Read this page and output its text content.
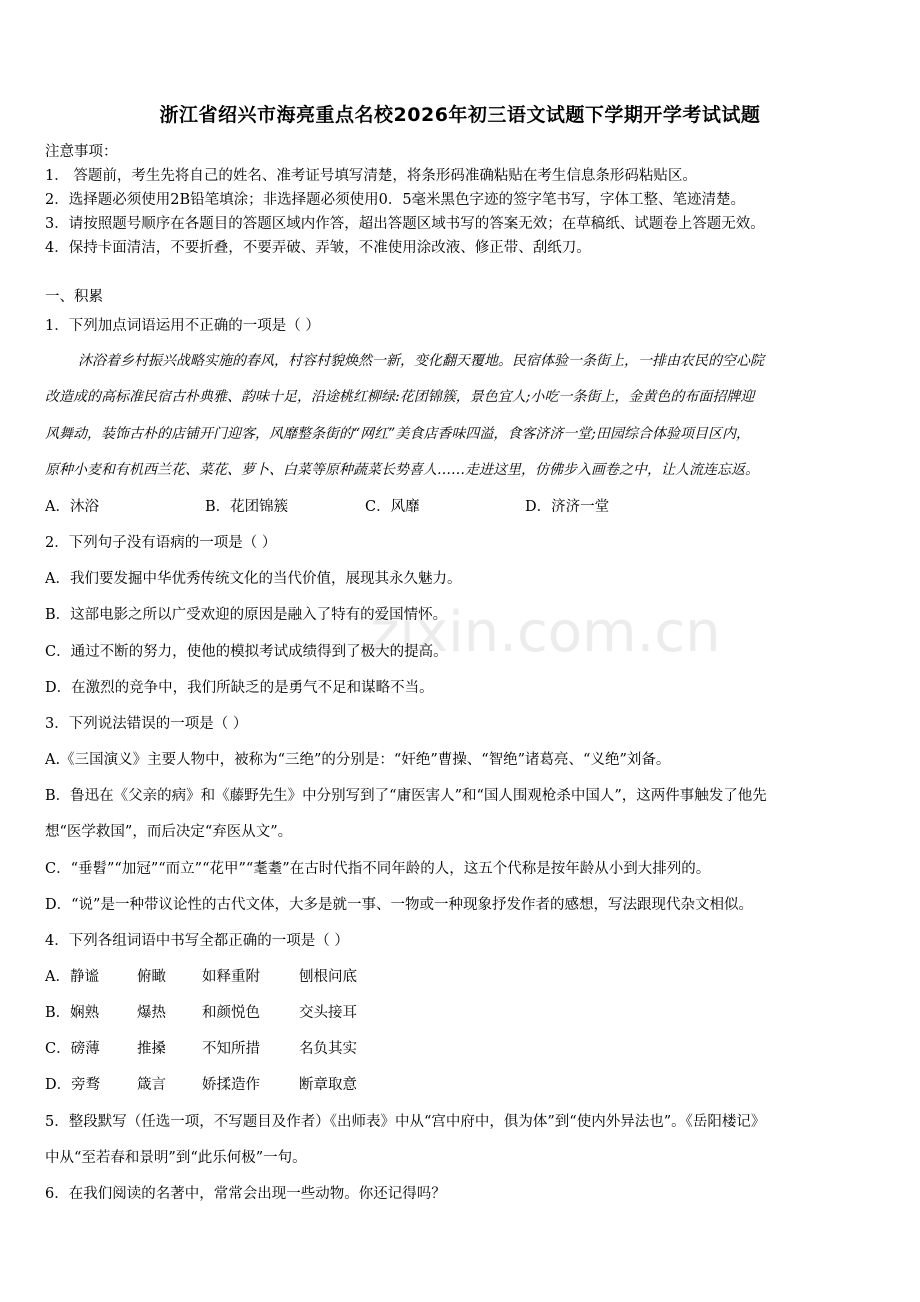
zixin.com.cn
浙江省绍兴市海亮重点名校2026年初三语文试题下学期开学考试试题
注意事项：
1． 答题前，考生先将自己的姓名、准考证号填写清楚，将条形码准确粘贴在考生信息条形码粘贴区。
2．选择题必须使用2B铅笔填涂；非选择题必须使用0．5毫米黑色字迹的签字笔书写，字体工整、笔迹清楚。
3．请按照题号顺序在各题目的答题区域内作答，超出答题区域书写的答案无效；在草稿纸、试题卷上答题无效。
4．保持卡面清洁，不要折叠，不要弄破、弄皱，不准使用涂改液、修正带、刮纸刀。
一、积累
1．下列加点词语运用不正确的一项是（ ）
沐浴着乡村振兴战略实施的春风，村容村貌焕然一新，变化翻天覆地。民宿体验一条街上，一排由农民的空心院
改造成的高标准民宿古朴典雅、韵味十足，沿途桃红柳绿:花团锦簇，景色宜人;小吃一条街上，金黄色的布面招牌迎
风舞动，装饰古朴的店铺开门迎客，风靡整条街的“网红”美食店香味四溢，食客济济一堂;田园综合体验项目区内，
原种小麦和有机西兰花、菜花、萝卜、白菜等原种蔬菜长势喜人……走进这里，仿佛步入画卷之中，让人流连忘返。
A．沐浴	B．花团锦簇	C．风靡	D．济济一堂
2．下列句子没有语病的一项是（ ）
A．我们要发掘中华优秀传统文化的当代价值，展现其永久魅力。
B．这部电影之所以广受欢迎的原因是融入了特有的爱国情怀。
C．通过不断的努力，使他的模拟考试成绩得到了极大的提高。
D．在激烈的竞争中，我们所缺乏的是勇气不足和谋略不当。
3．下列说法错误的一项是（ ）
A.《三国演义》主要人物中，被称为“三绝”的分别是：“奸绝”曹操、“智绝”诸葛亮、“义绝”刘备。
B．鲁迅在《父亲的病》和《藤野先生》中分别写到了“庸医害人”和“国人围观枪杀中国人”，这两件事触发了他先
想“医学救国”，而后决定“弃医从文”。
C．“垂髫”“加冠”“而立”“花甲”“耄耋”在古时代指不同年龄的人，这五个代称是按年龄从小到大排列的。
D．“说”是一种带议论性的古代文体，大多是就一事、一物或一种现象抒发作者的感想，写法跟现代杂文相似。
4．下列各组词语中书写全都正确的一项是（ ）
A．静谧	俯瞰 如释重附	刨根问底
B．娴熟	爆热 和颜悦色	交头接耳
C．磅薄	推搡 不知所措	名负其实
D．旁骛	箴言 娇揉造作	断章取意
5．整段默写（任选一项，不写题目及作者）《出师表》中从“宫中府中，俱为体”到“使内外异法也”。《岳阳楼记》
中从“至若春和景明”到“此乐何极”一句。
6．在我们阅读的名著中，常常会出现一些动物。你还记得吗？
